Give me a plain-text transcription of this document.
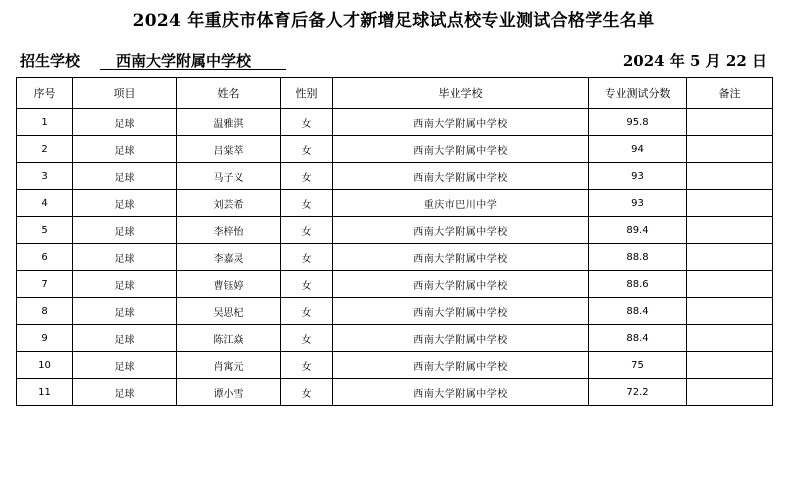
2024 年重庆市体育后备人才新增足球试点校专业测试合格学生名单
招生学校	西南大学附属中学校	2024 年 5 月 22 日
序号	项目	姓名	性别	毕业学校	专业测试分数	备注
1	足球	温雅淇	女	西南大学附属中学校	95.8	
2	足球	吕棠萃	女	西南大学附属中学校	94	
3	足球	马子义	女	西南大学附属中学校	93	
4	足球	刘芸希	女	重庆市巴川中学	93	
5	足球	李梓怡	女	西南大学附属中学校	89.4	
6	足球	李嘉灵	女	西南大学附属中学校	88.8	
7	足球	曹钰婷	女	西南大学附属中学校	88.6	
8	足球	吴思杞	女	西南大学附属中学校	88.4	
9	足球	陈江焱	女	西南大学附属中学校	88.4	
10	足球	肖寓元	女	西南大学附属中学校	75	
11	足球	谭小雪	女	西南大学附属中学校	72.2	
